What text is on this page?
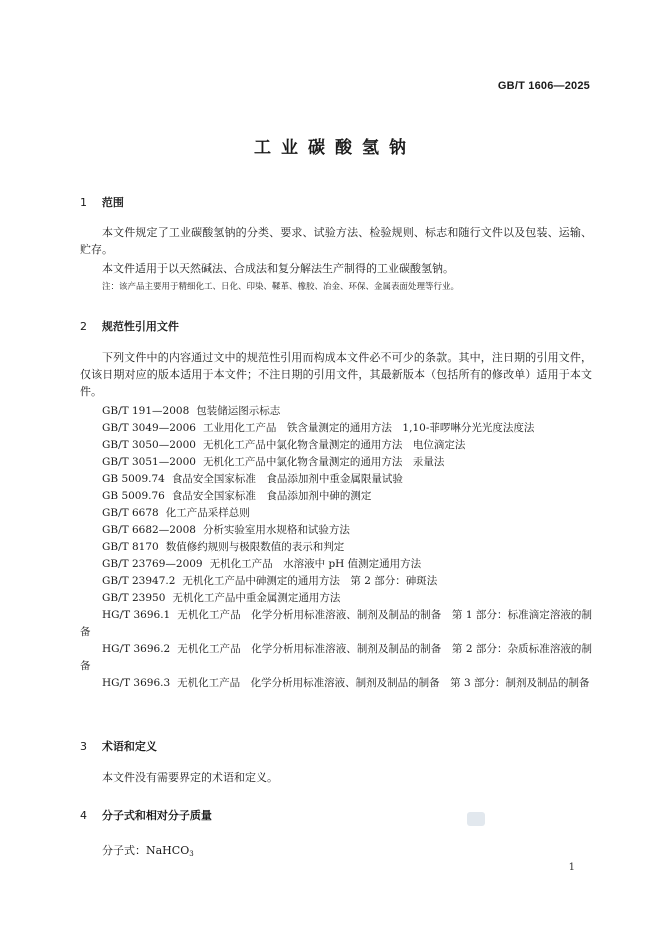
GB/T 1606—2025
工业碳酸氢钠
1 范围

本文件规定了工业碳酸氢钠的分类、要求、试验方法、检验规则、标志和随行文件以及包装、运输、贮存。

本文件适用于以天然碱法、合成法和复分解法生产制得的工业碳酸氢钠。

注：该产品主要用于精细化工、日化、印染、鞣革、橡胶、冶金、环保、金属表面处理等行业。
2 规范性引用文件

下列文件中的内容通过文中的规范性引用而构成本文件必不可少的条款。其中，注日期的引用文件，仅该日期对应的版本适用于本文件；不注日期的引用文件，其最新版本（包括所有的修改单）适用于本文件。

GB/T 191—2008 包装储运图示标志
GB/T 3049—2006 工业用化工产品　铁含量测定的通用方法　1,10-菲啰啉分光光度法度法
GB/T 3050—2000 无机化工产品中氯化物含量测定的通用方法　电位滴定法
GB/T 3051—2000 无机化工产品中氯化物含量测定的通用方法　汞量法
GB 5009.74 食品安全国家标准　食品添加剂中重金属限量试验
GB 5009.76 食品安全国家标准　食品添加剂中砷的测定
GB/T 6678 化工产品采样总则
GB/T 6682—2008 分析实验室用水规格和试验方法
GB/T 8170 数值修约规则与极限数值的表示和判定
GB/T 23769—2009 无机化工产品　水溶液中 pH 值测定通用方法
GB/T 23947.2 无机化工产品中砷测定的通用方法　第 2 部分：砷斑法
GB/T 23950 无机化工产品中重金属测定通用方法
HG/T 3696.1 无机化工产品　化学分析用标准溶液、制剂及制品的制备　第 1 部分：标准滴定溶液的制备
HG/T 3696.2 无机化工产品　化学分析用标准溶液、制剂及制品的制备　第 2 部分：杂质标准溶液的制备
HG/T 3696.3 无机化工产品　化学分析用标准溶液、制剂及制品的制备　第 3 部分：制剂及制品的制备
3 术语和定义

本文件没有需要界定的术语和定义。

4 分子式和相对分子质量

分子式：NaHCO$_3$

1
